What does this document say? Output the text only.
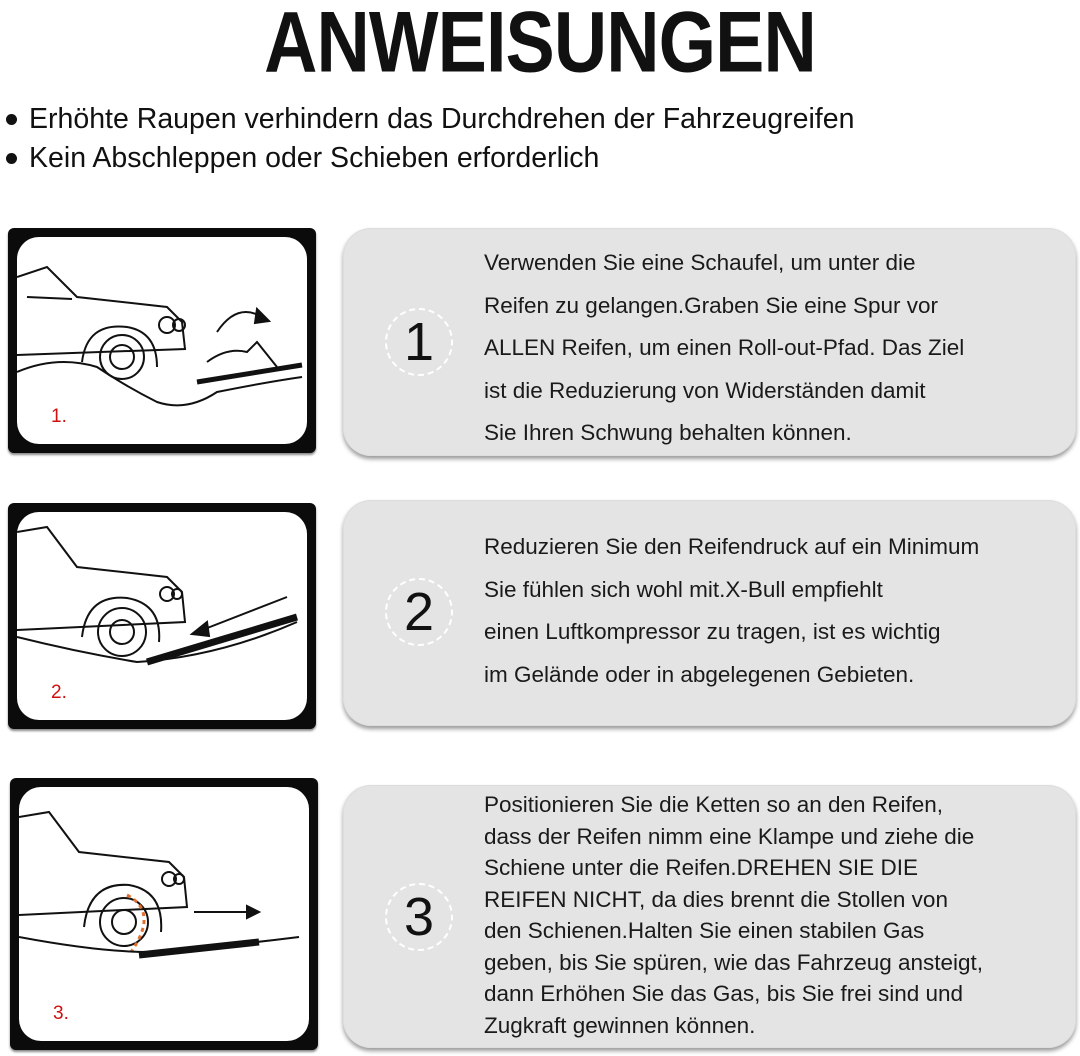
ANWEISUNGEN
Erhöhte Raupen verhindern das Durchdrehen der Fahrzeugreifen
Kein Abschleppen oder Schieben erforderlich
1.
1
Verwenden Sie eine Schaufel, um unter die
Reifen zu gelangen.Graben Sie eine Spur vor
ALLEN Reifen, um einen Roll-out-Pfad. Das Ziel
ist die Reduzierung von Widerständen damit
Sie Ihren Schwung behalten können.
2.
2
Reduzieren Sie den Reifendruck auf ein Minimum
Sie fühlen sich wohl mit.X-Bull empfiehlt
einen Luftkompressor zu tragen, ist es wichtig
im Gelände oder in abgelegenen Gebieten.
3.
3
Positionieren Sie die Ketten so an den Reifen,
dass der Reifen nimm eine Klampe und ziehe die
Schiene unter die Reifen.DREHEN SIE DIE
REIFEN NICHT, da dies brennt die Stollen von
den Schienen.Halten Sie einen stabilen Gas
geben, bis Sie spüren, wie das Fahrzeug ansteigt,
dann Erhöhen Sie das Gas, bis Sie frei sind und
Zugkraft gewinnen können.
